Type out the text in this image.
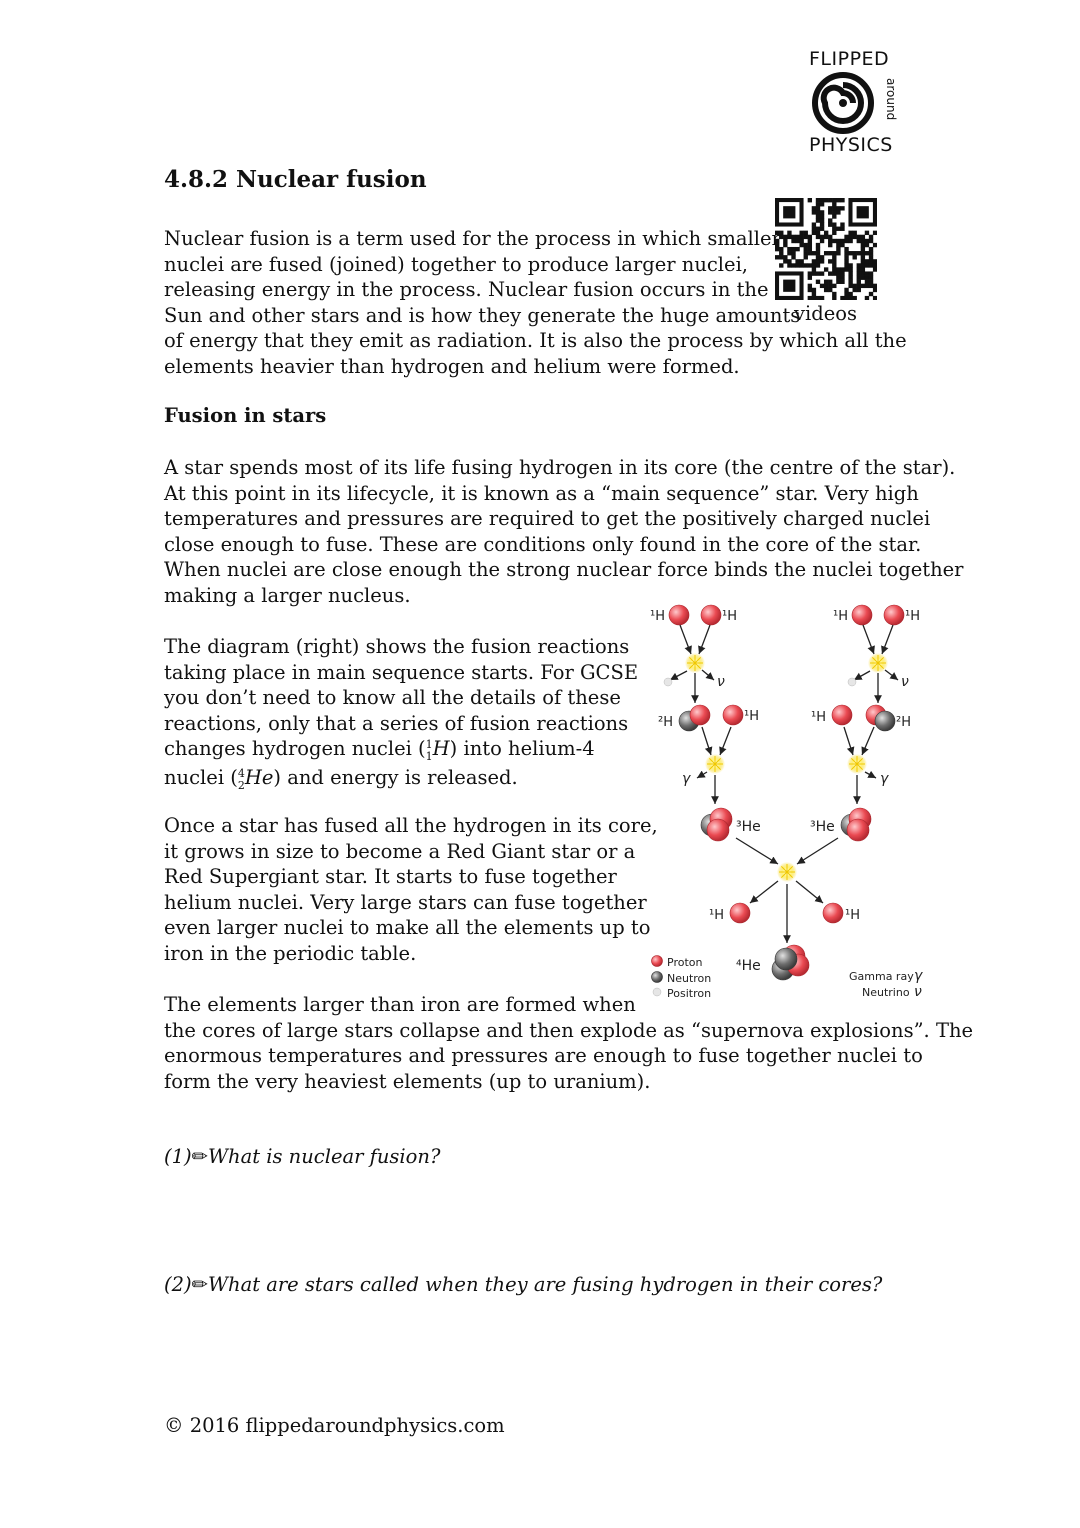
FLIPPED
around
PHYSICS
4.8.2 Nuclear fusion
videos
Nuclear fusion is a term used for the process in which smaller
nuclei are fused (joined) together to produce larger nuclei,
releasing energy in the process. Nuclear fusion occurs in the
Sun and other stars and is how they generate the huge amounts
of energy that they emit as radiation. It is also the process by which all the
elements heavier than hydrogen and helium were formed.
Fusion in stars
A star spends most of its life fusing hydrogen in its core (the centre of the star).
At this point in its lifecycle, it is known as a “main sequence” star. Very high
temperatures and pressures are required to get the positively charged nuclei
close enough to fuse. These are conditions only found in the core of the star.
When nuclei are close enough the strong nuclear force binds the nuclei together
making a larger nucleus.
The diagram (right) shows the fusion reactions
taking place in main sequence starts. For GCSE
you don’t need to know all the details of these
reactions, only that a series of fusion reactions
changes hydrogen nuclei ($^1_1$H) into helium-4
nuclei ($^4_2$He) and energy is released.
Once a star has fused all the hydrogen in its core,
it grows in size to become a Red Giant star or a
Red Supergiant star. It starts to fuse together
helium nuclei. Very large stars can fuse together
even larger nuclei to make all the elements up to
iron in the periodic table.
The elements larger than iron are formed when
the cores of large stars collapse and then explode as “supernova explosions”. The
enormous temperatures and pressures are enough to fuse together nuclei to
form the very heaviest elements (up to uranium).
(1)✏What is nuclear fusion?
(2)✏What are stars called when they are fusing hydrogen in their cores?
© 2016 flippedaroundphysics.com
¹H	¹H
ν
²H	¹H
γ
³He
¹H	¹H
ν
¹H	²H
γ
³He
¹H	¹H
⁴He
Proton
Neutron
Positron
Gamma ray γ
Neutrino ν
